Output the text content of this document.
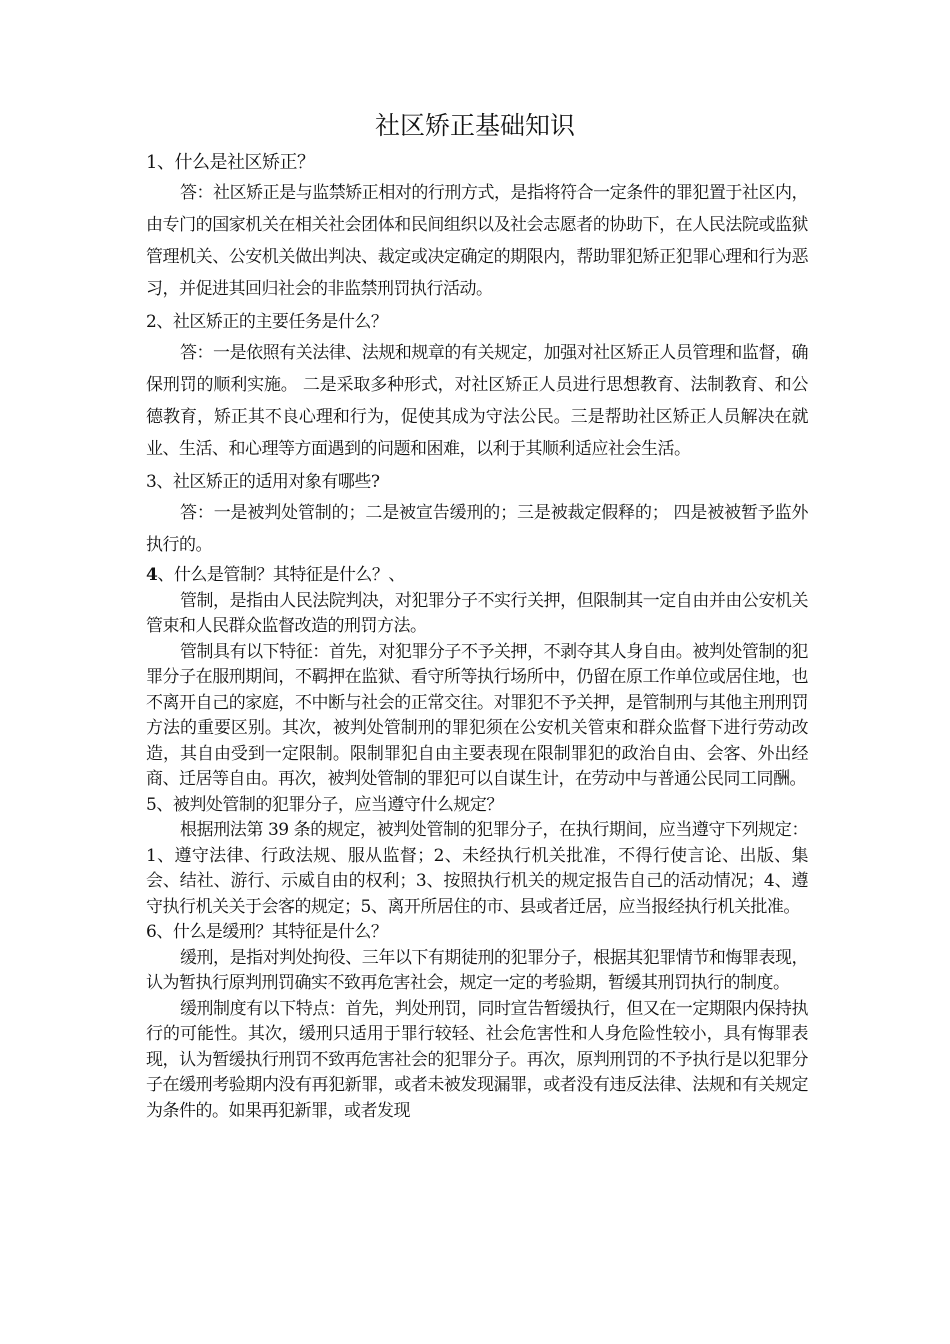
社区矫正基础知识
1、什么是社区矫正？
答：社区矫正是与监禁矫正相对的行刑方式，是指将符合一定条件的罪犯置于社区内，由专门的国家机关在相关社会团体和民间组织以及社会志愿者的协助下，在人民法院或监狱管理机关、公安机关做出判决、裁定或决定确定的期限内，帮助罪犯矫正犯罪心理和行为恶习，并促进其回归社会的非监禁刑罚执行活动。
2、社区矫正的主要任务是什么？
答：一是依照有关法律、法规和规章的有关规定，加强对社区矫正人员管理和监督，确保刑罚的顺利实施。 二是采取多种形式，对社区矫正人员进行思想教育、法制教育、和公德教育，矫正其不良心理和行为，促使其成为守法公民。三是帮助社区矫正人员解决在就业、生活、和心理等方面遇到的问题和困难，以利于其顺利适应社会生活。
3、社区矫正的适用对象有哪些?
答：一是被判处管制的；二是被宣告缓刑的；三是被裁定假释的； 四是被被暂予监外执行的。
4、什么是管制？其特征是什么？、
管制，是指由人民法院判决，对犯罪分子不实行关押，但限制其一定自由并由公安机关管束和人民群众监督改造的刑罚方法。
管制具有以下特征：首先，对犯罪分子不予关押，不剥夺其人身自由。被判处管制的犯罪分子在服刑期间，不羁押在监狱、看守所等执行场所中，仍留在原工作单位或居住地，也不离开自己的家庭，不中断与社会的正常交往。对罪犯不予关押，是管制刑与其他主刑刑罚方法的重要区别。其次，被判处管制刑的罪犯须在公安机关管束和群众监督下进行劳动改造，其自由受到一定限制。限制罪犯自由主要表现在限制罪犯的政治自由、会客、外出经商、迁居等自由。再次，被判处管制的罪犯可以自谋生计，在劳动中与普通公民同工同酬。
5、被判处管制的犯罪分子，应当遵守什么规定？
根据刑法第 39 条的规定，被判处管制的犯罪分子，在执行期间，应当遵守下列规定：1、遵守法律、行政法规、服从监督；2、未经执行机关批准，不得行使言论、出版、集会、结社、游行、示威自由的权利；3、按照执行机关的规定报告自己的活动情况；4、遵守执行机关关于会客的规定；5、离开所居住的市、县或者迁居，应当报经执行机关批准。
6、什么是缓刑？其特征是什么？
缓刑，是指对判处拘役、三年以下有期徒刑的犯罪分子，根据其犯罪情节和悔罪表现，认为暂执行原判刑罚确实不致再危害社会，规定一定的考验期，暂缓其刑罚执行的制度。
缓刑制度有以下特点：首先，判处刑罚，同时宣告暂缓执行，但又在一定期限内保持执行的可能性。其次，缓刑只适用于罪行较轻、社会危害性和人身危险性较小，具有悔罪表现，认为暂缓执行刑罚不致再危害社会的犯罪分子。再次，原判刑罚的不予执行是以犯罪分子在缓刑考验期内没有再犯新罪，或者未被发现漏罪，或者没有违反法律、法规和有关规定为条件的。如果再犯新罪，或者发现
